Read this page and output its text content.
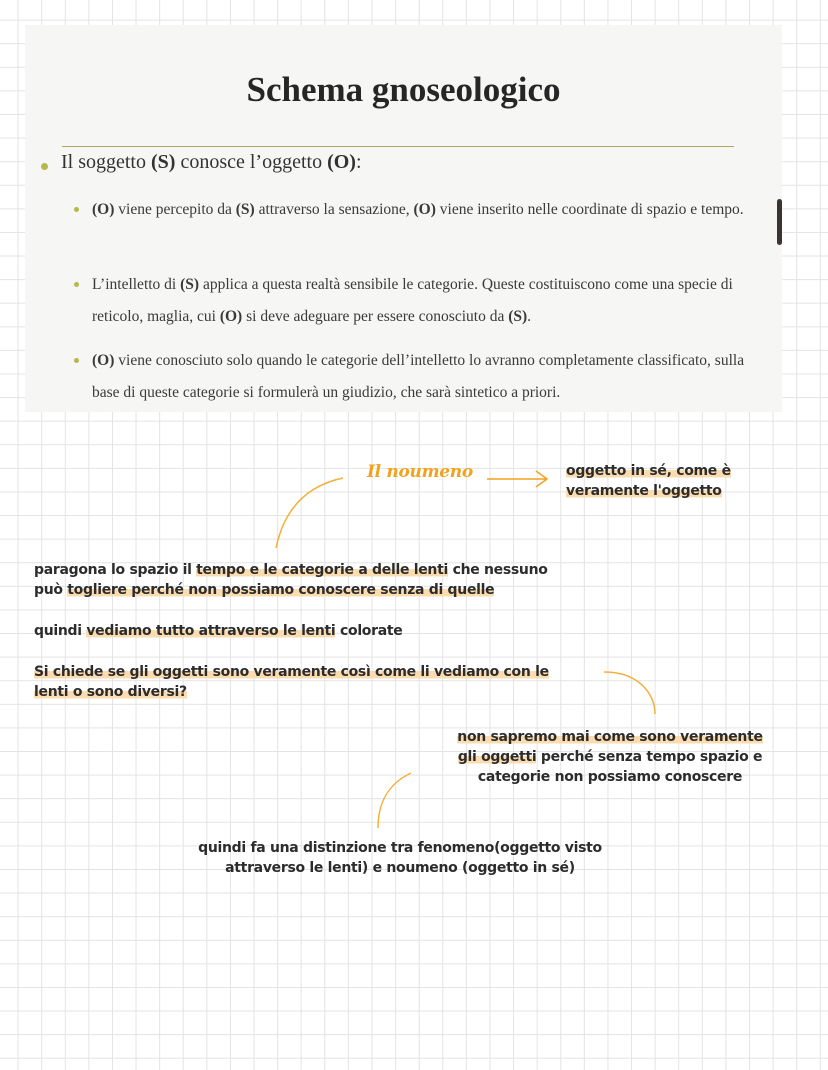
Schema gnoseologico
Il soggetto (S) conosce l’oggetto (O):
(O) viene percepito da (S) attraverso la sensazione, (O) viene inserito nelle coordinate di spazio e tempo.
L’intelletto di (S) applica a questa realtà sensibile le categorie. Queste costituiscono come una specie di reticolo, maglia, cui (O) si deve adeguare per essere conosciuto da (S).
(O) viene conosciuto solo quando le categorie dell’intelletto lo avranno completamente classificato, sulla base di queste categorie si formulerà un giudizio, che sarà sintetico a priori.
Il noumeno	oggetto in sé, come è
veramente l'oggetto
paragona lo spazio il tempo e le categorie a delle lenti che nessuno
può togliere perché non possiamo conoscere senza di quelle
quindi vediamo tutto attraverso le lenti colorate
Si chiede se gli oggetti sono veramente così come li vediamo con le
lenti o sono diversi?
non sapremo mai come sono veramente
gli oggetti perché senza tempo spazio e
categorie non possiamo conoscere
quindi fa una distinzione tra fenomeno(oggetto visto
attraverso le lenti) e noumeno (oggetto in sé)
